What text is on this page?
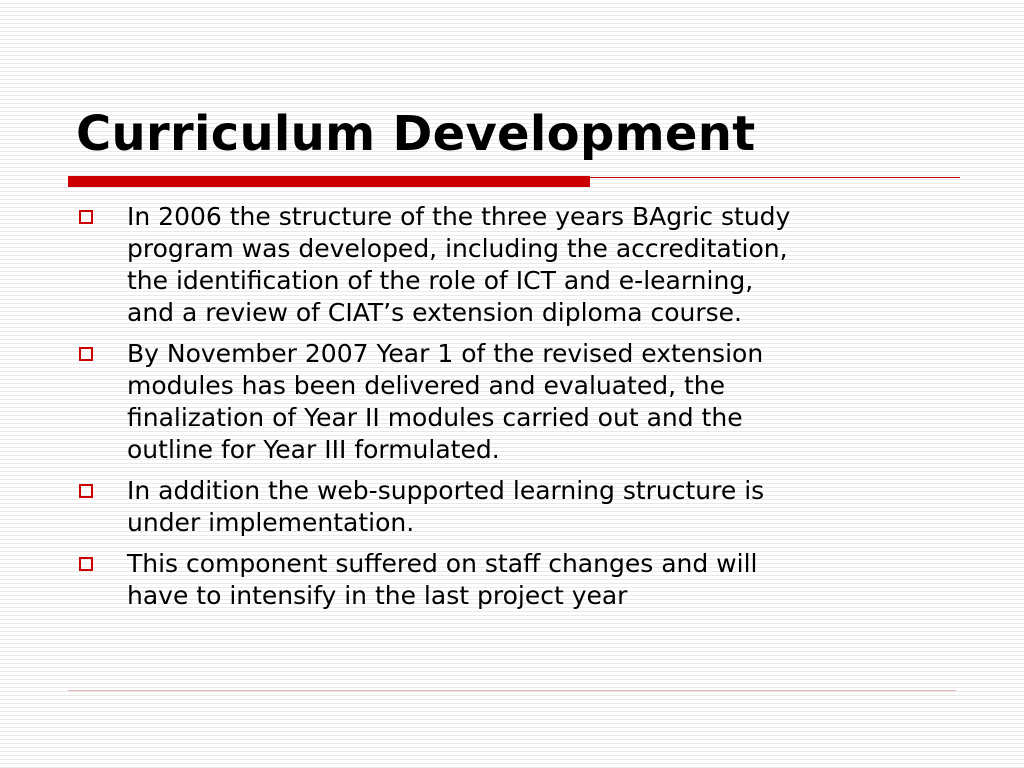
Curriculum Development
In 2006 the structure of the three years BAgric study
program was developed, including the accreditation,
the identification of the role of ICT and e-learning,
and a review of CIAT’s extension diploma course.
By November 2007 Year 1 of the revised extension
modules has been delivered and evaluated, the
finalization of Year II modules carried out and the
outline for Year III formulated.
In addition the web-supported learning structure is
under implementation.
This component suffered on staff changes and will
have to intensify in the last project year
